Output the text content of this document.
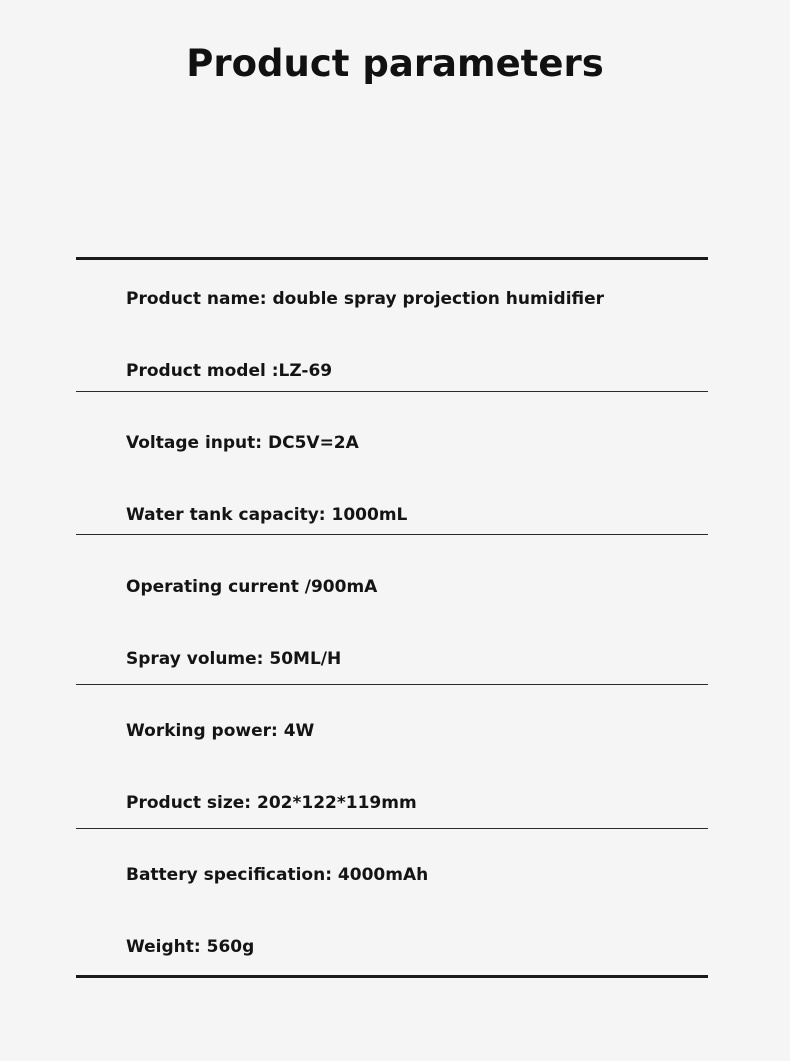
Product parameters
Product name: double spray projection humidifier
Product model :LZ-69
Voltage input: DC5V=2A
Water tank capacity: 1000mL
Operating current /900mA
Spray volume: 50ML/H
Working power: 4W
Product size: 202*122*119mm
Battery specification: 4000mAh
Weight: 560g
